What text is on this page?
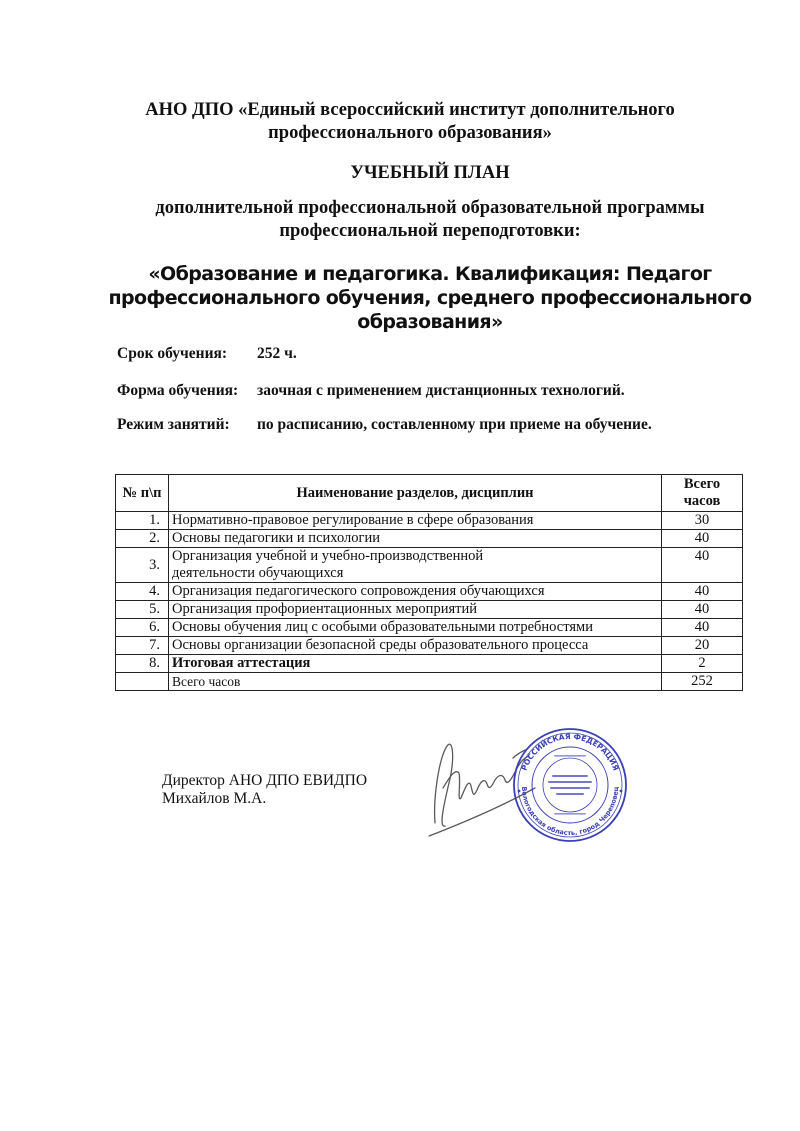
АНО ДПО «Единый всероссийский институт дополнительного
профессионального образования»
УЧЕБНЫЙ ПЛАН
дополнительной профессиональной образовательной программы
профессиональной переподготовки:
«Образование и педагогика. Квалификация: Педагог
профессионального обучения, среднего профессионального
образования»
Срок обучения: 252 ч.
Форма обучения: заочная с применением дистанционных технологий.
Режим занятий: по расписанию, составленному при приеме на обучение.
№ п\п	Наименование разделов, дисциплин	Всего
часов

1.	Нормативно-правовое регулирование в сфере образования	30
2.	Основы педагогики и психологии	40
3.	Организация учебной и учебно-производственной деятельности обучающихся	40
4.	Организация педагогического сопровождения обучающихся	40
5.	Организация профориентационных мероприятий	40
6.	Основы обучения лиц с особыми образовательными потребностями	40
7.	Основы организации безопасной среды образовательного процесса	20
8.	Итоговая аттестация	2
	Всего часов	252
Директор АНО ДПО ЕВИДПО
Михайлов М.А.
РОССИЙСКАЯ ФЕДЕРАЦИЯ
Вологодская область, город Череповец
